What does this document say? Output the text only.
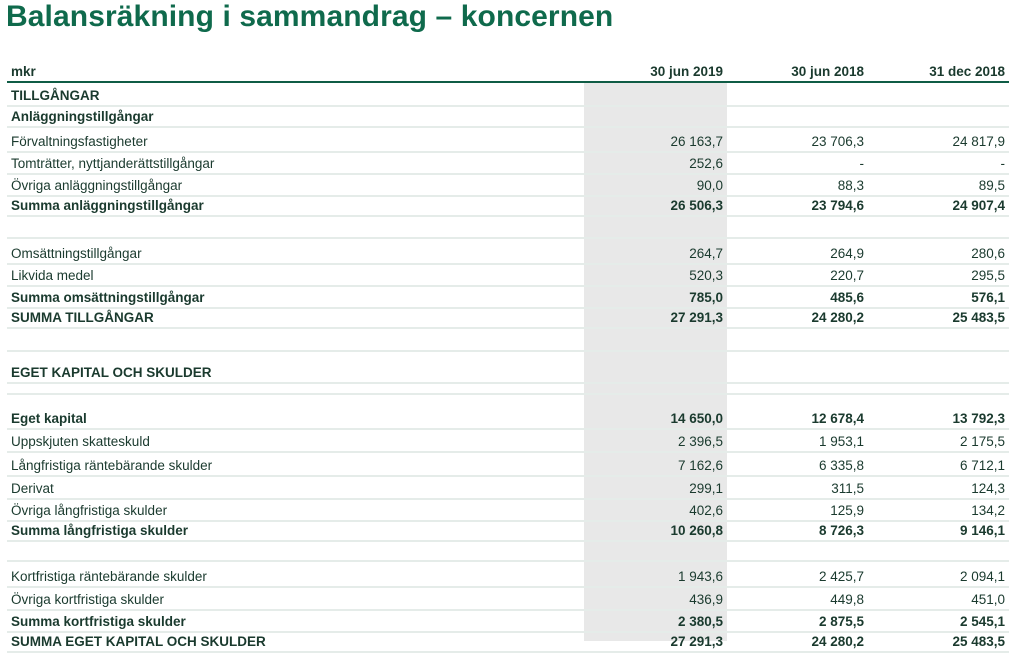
Balansräkning i sammandrag – koncernen
mkr	30 jun 2019	30 jun 2018	31 dec 2018
TILLGÅNGAR			
Anläggningstillgångar			
Förvaltningsfastigheter	26 163,7	23 706,3	24 817,9
Tomträtter, nyttjanderättstillgångar	252,6	-	-
Övriga anläggningstillgångar	90,0	88,3	89,5
Summa anläggningstillgångar	26 506,3	23 794,6	24 907,4

Omsättningstillgångar	264,7	264,9	280,6
Likvida medel	520,3	220,7	295,5
Summa omsättningstillgångar	785,0	485,6	576,1
SUMMA TILLGÅNGAR	27 291,3	24 280,2	25 483,5

EGET KAPITAL OCH SKULDER			

Eget kapital	14 650,0	12 678,4	13 792,3
Uppskjuten skatteskuld	2 396,5	1 953,1	2 175,5
Långfristiga räntebärande skulder	7 162,6	6 335,8	6 712,1
Derivat	299,1	311,5	124,3
Övriga långfristiga skulder	402,6	125,9	134,2
Summa långfristiga skulder	10 260,8	8 726,3	9 146,1

Kortfristiga räntebärande skulder	1 943,6	2 425,7	2 094,1
Övriga kortfristiga skulder	436,9	449,8	451,0
Summa kortfristiga skulder	2 380,5	2 875,5	2 545,1
SUMMA EGET KAPITAL OCH SKULDER	27 291,3	24 280,2	25 483,5
